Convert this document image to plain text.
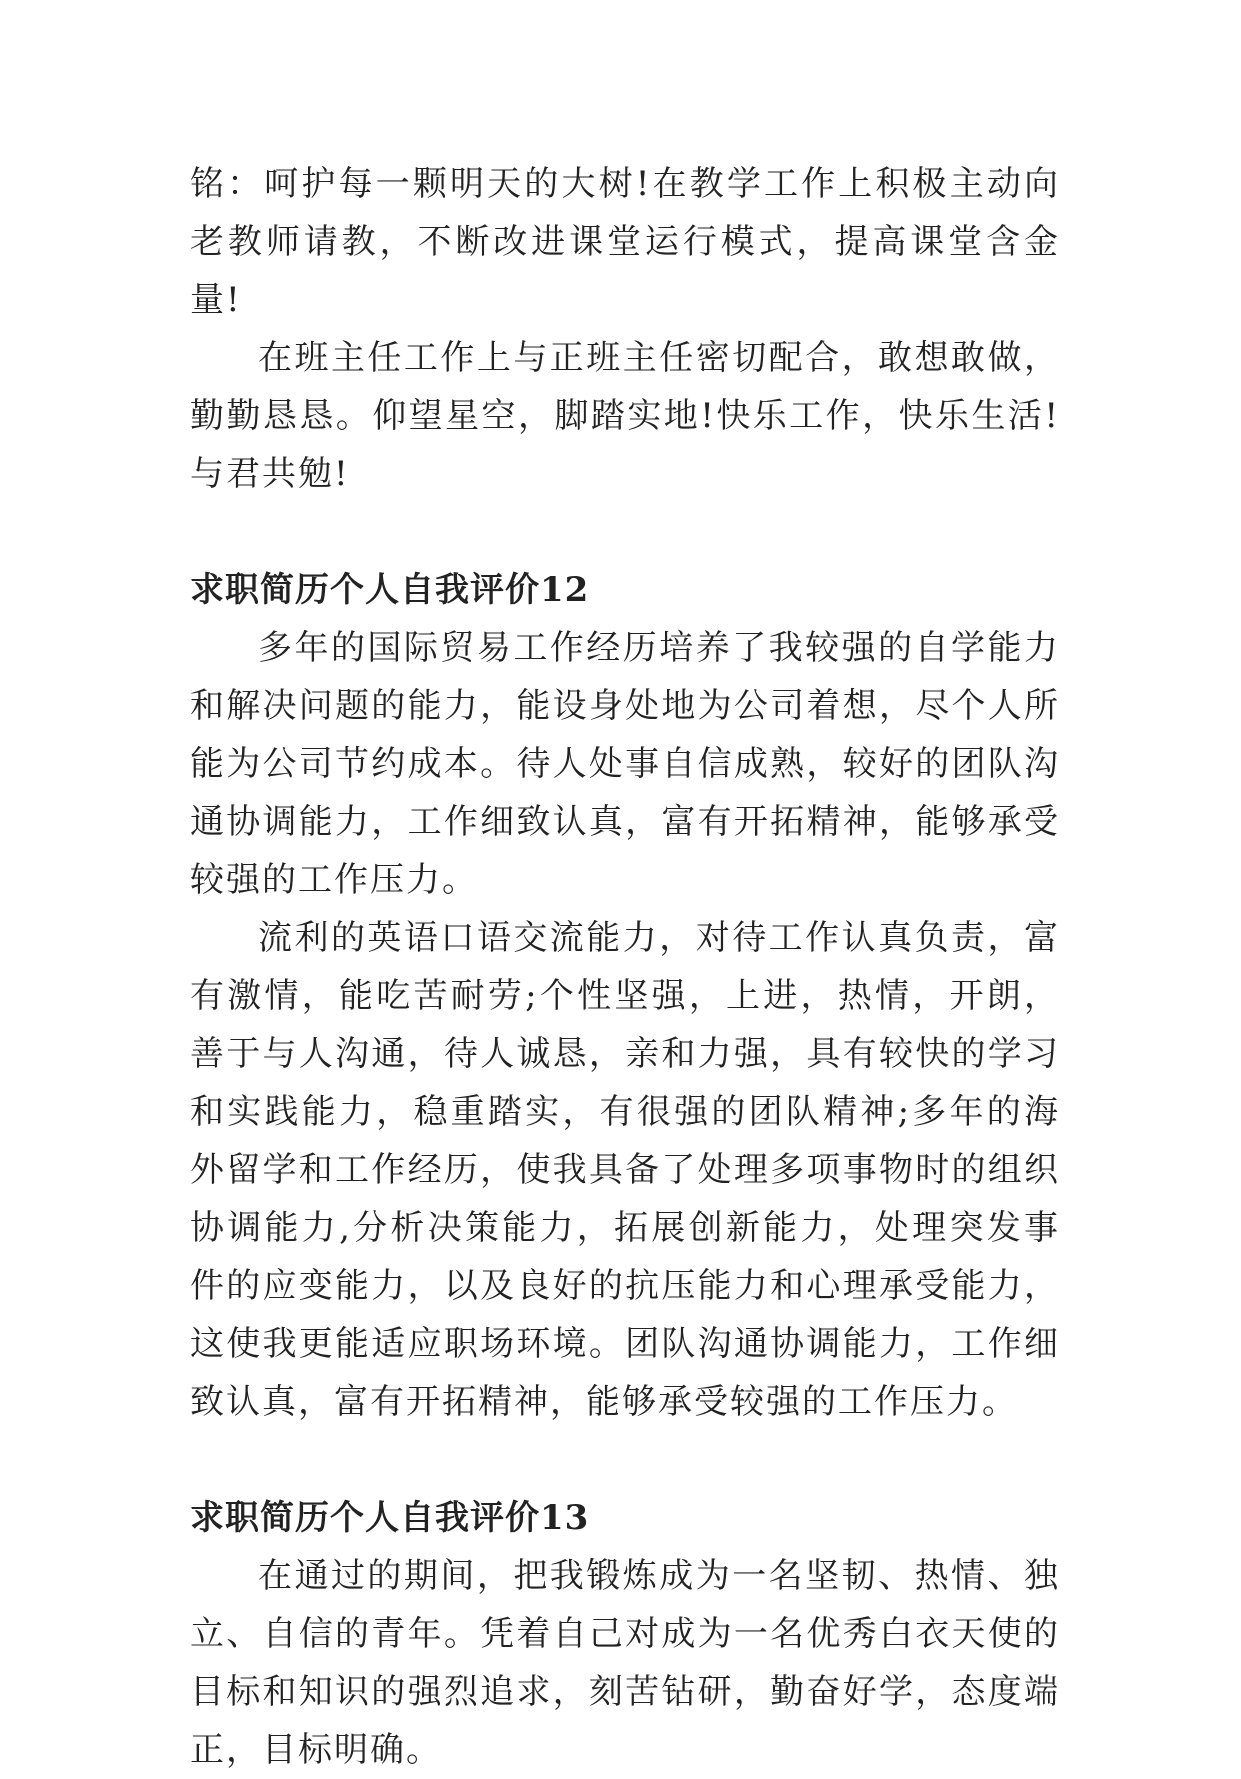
铭：呵护每一颗明天的大树!在教学工作上积极主动向老教师请教，不断改进课堂运行模式，提高课堂含金量!

在班主任工作上与正班主任密切配合，敢想敢做，勤勤恳恳。仰望星空，脚踏实地!快乐工作，快乐生活!与君共勉!

求职简历个人自我评价12

多年的国际贸易工作经历培养了我较强的自学能力和解决问题的能力，能设身处地为公司着想，尽个人所能为公司节约成本。待人处事自信成熟，较好的团队沟通协调能力，工作细致认真，富有开拓精神，能够承受较强的工作压力。

流利的英语口语交流能力，对待工作认真负责，富有激情，能吃苦耐劳;个性坚强，上进，热情，开朗，善于与人沟通，待人诚恳，亲和力强，具有较快的学习和实践能力，稳重踏实，有很强的团队精神;多年的海外留学和工作经历，使我具备了处理多项事物时的组织协调能力,分析决策能力，拓展创新能力，处理突发事件的应变能力，以及良好的抗压能力和心理承受能力，这使我更能适应职场环境。团队沟通协调能力，工作细致认真，富有开拓精神，能够承受较强的工作压力。

求职简历个人自我评价13

在通过的期间，把我锻炼成为一名坚韧、热情、独立、自信的青年。凭着自己对成为一名优秀白衣天使的目标和知识的强烈追求，刻苦钻研，勤奋好学，态度端正，目标明确。
